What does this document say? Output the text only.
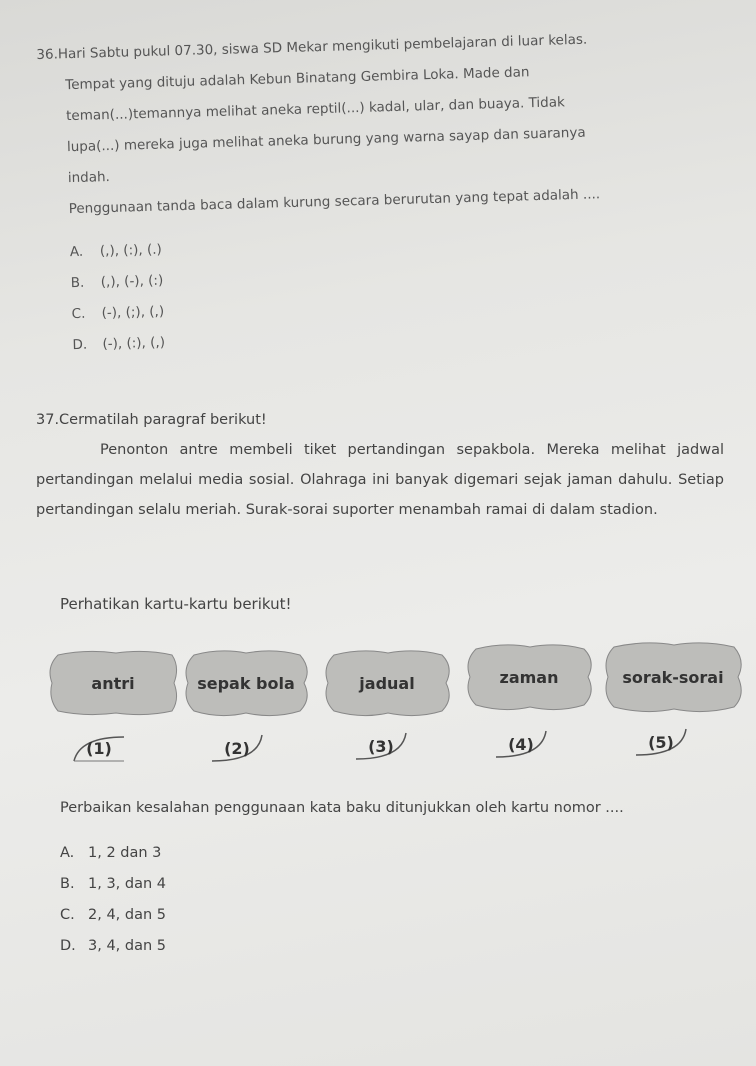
36.Hari Sabtu pukul 07.30, siswa SD Mekar mengikuti pembelajaran di luar kelas.

Tempat yang dituju adalah Kebun Binatang Gembira Loka. Made dan

teman(...)temannya melihat aneka reptil(...) kadal, ular, dan buaya. Tidak

lupa(...) mereka juga melihat aneka burung yang warna sayap dan suaranya

indah.

Penggunaan tanda baca dalam kurung secara berurutan yang tepat adalah ....

A.	(,), (:), (.)
B.	(,), (-), (:)
C.	(-), (;), (,)
D.	(-), (:), (,)

37.Cermatilah paragraf berikut!

Penonton antre membeli tiket pertandingan sepakbola. Mereka melihat jadwal pertandingan melalui media sosial. Olahraga ini banyak digemari sejak jaman dahulu. Setiap pertandingan selalu meriah. Surak-sorai suporter menambah ramai di dalam stadion.

Perhatikan kartu-kartu berikut!
antri	sepak bola	jadual	zaman	sorak-sorai
(1)	(2)	(3)	(4)	(5)
Perbaikan kesalahan penggunaan kata baku ditunjukkan oleh kartu nomor ....
A. 1, 2 dan 3
B. 1, 3, dan 4
C. 2, 4, dan 5
D. 3, 4, dan 5
